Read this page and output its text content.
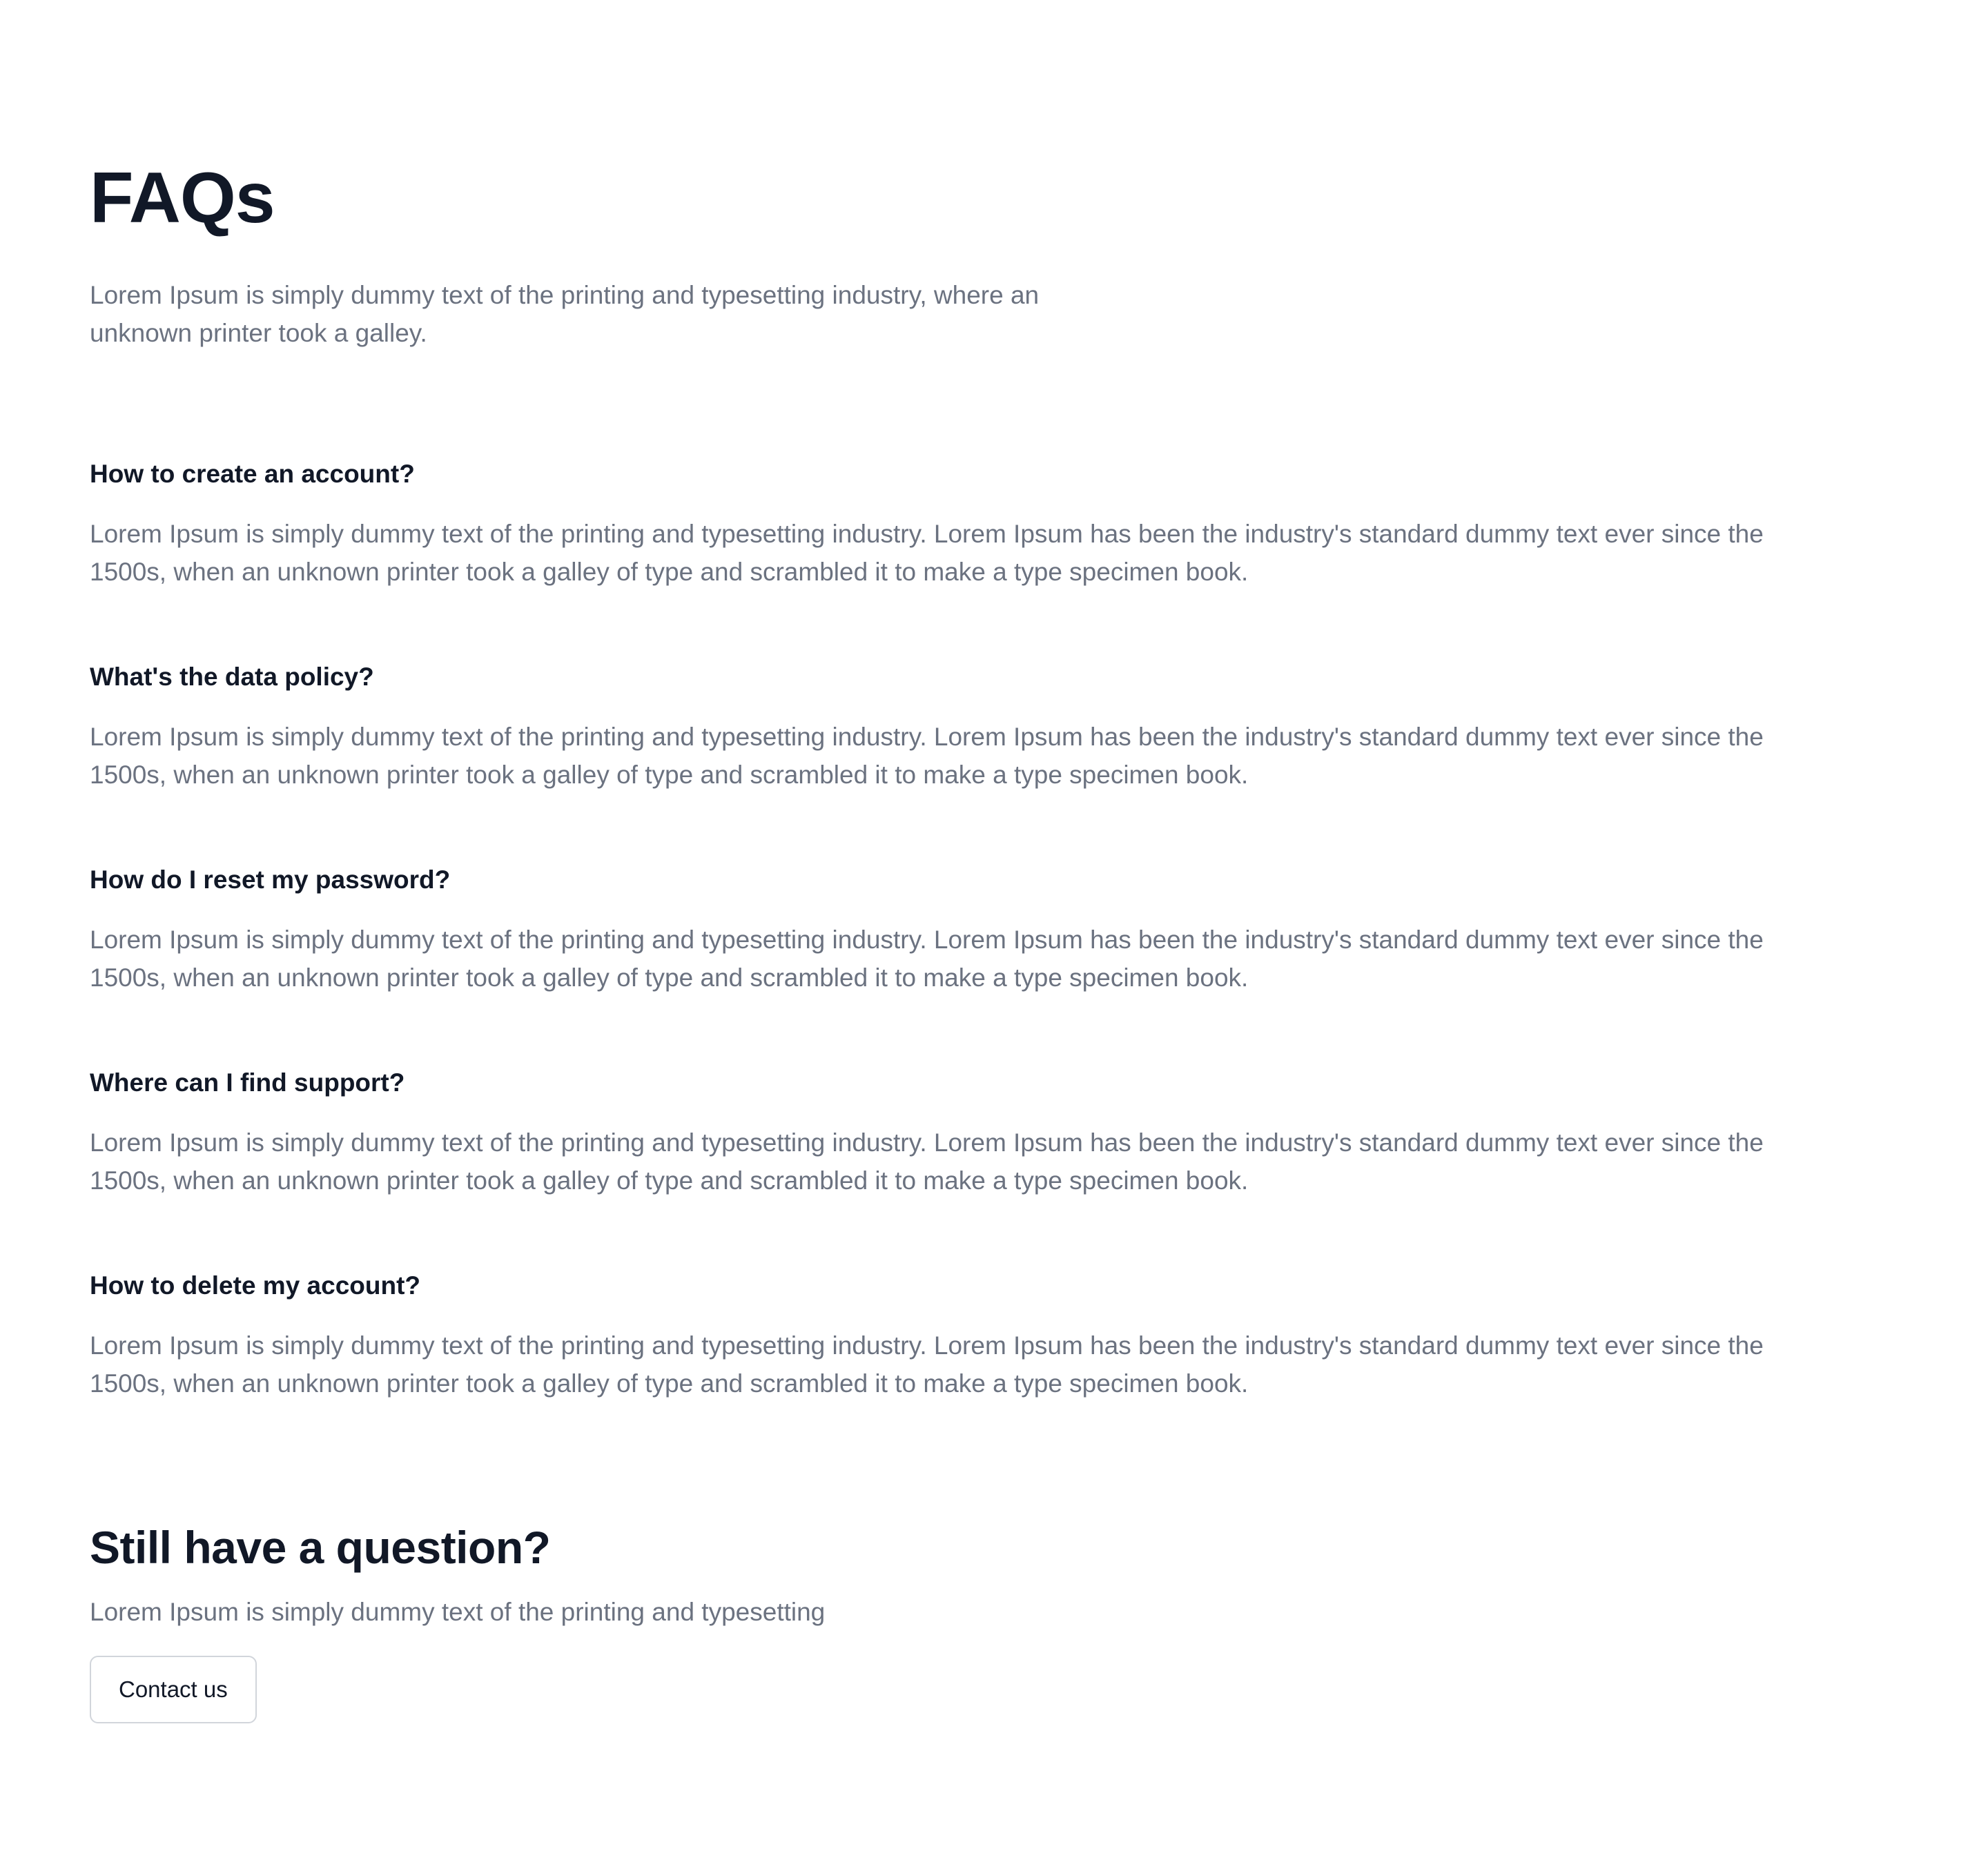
FAQs

Lorem Ipsum is simply dummy text of the printing and typesetting industry, where an
unknown printer took a galley.

How to create an account?

Lorem Ipsum is simply dummy text of the printing and typesetting industry. Lorem Ipsum has been the industry's standard dummy text ever since the
1500s, when an unknown printer took a galley of type and scrambled it to make a type specimen book.

What's the data policy?

Lorem Ipsum is simply dummy text of the printing and typesetting industry. Lorem Ipsum has been the industry's standard dummy text ever since the
1500s, when an unknown printer took a galley of type and scrambled it to make a type specimen book.

How do I reset my password?

Lorem Ipsum is simply dummy text of the printing and typesetting industry. Lorem Ipsum has been the industry's standard dummy text ever since the
1500s, when an unknown printer took a galley of type and scrambled it to make a type specimen book.

Where can I find support?

Lorem Ipsum is simply dummy text of the printing and typesetting industry. Lorem Ipsum has been the industry's standard dummy text ever since the
1500s, when an unknown printer took a galley of type and scrambled it to make a type specimen book.

How to delete my account?

Lorem Ipsum is simply dummy text of the printing and typesetting industry. Lorem Ipsum has been the industry's standard dummy text ever since the
1500s, when an unknown printer took a galley of type and scrambled it to make a type specimen book.

Still have a question?

Lorem Ipsum is simply dummy text of the printing and typesetting

Contact us
